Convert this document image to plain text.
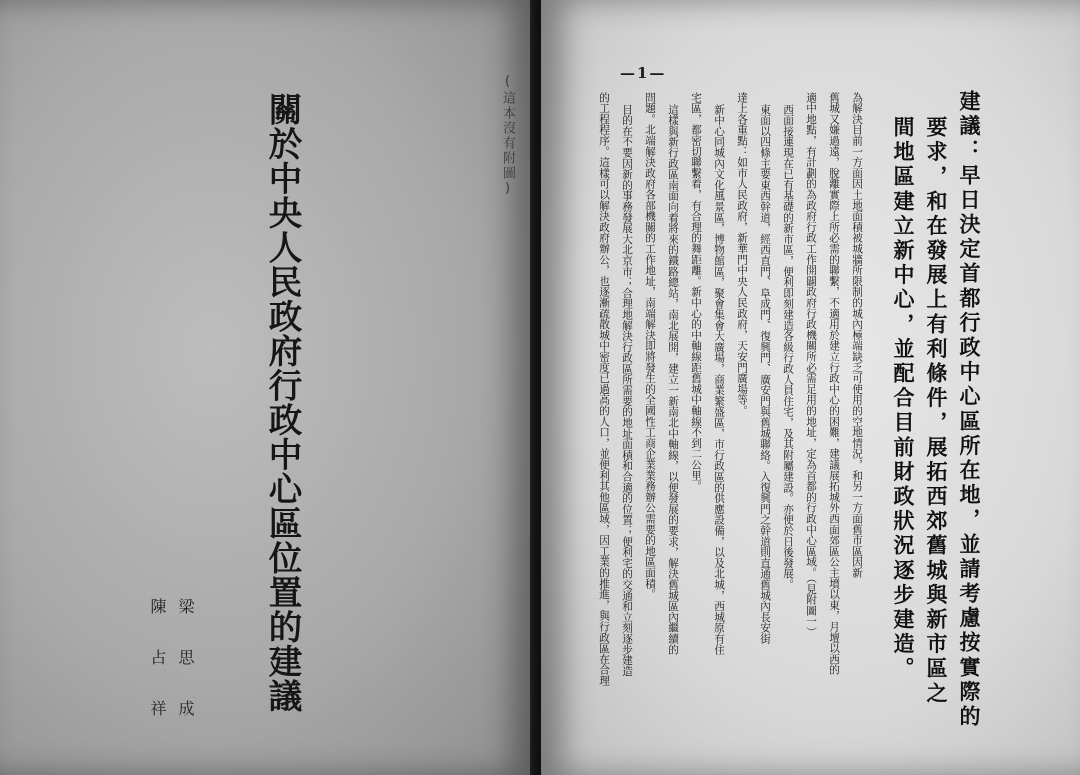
(這本沒有附圖)
關於中央人民政府行政中心區位置的建議
梁 思 成
陳 占 祥
—1—
建議：早日決定首都行政中心區所在地，並請考慮按實際的
要求，和在發展上有利條件，展拓西郊舊城與新市區之
間地區建立新中心，並配合目前財政狀況逐步建造。
為解決目前一方面因土地面積被城牆所限制的城內極端缺乏可使用的空地情況，和另一方面舊市區因新
舊城又嫌過遠，脫離實際上所必需的聯繫，不適用於建立行政中心的困難，建議展拓城外西面郊區公主墳以東，月壇以西的
適中地點，有計劃的為政府行政工作開闢政府行政機關所必需足用的地址，定為首都的行政中心區域。（見附圖一）
西面接連現在已有基礎的新市區，便利即刻建造各級行政人員住宅，及其附屬建設。亦便於日後發展。
東面以四條主要東西幹道，經西直門、阜成門、復興門、廣安門與舊城聯絡。入復興門之幹道則直通舊城內長安街
達上各重點：如市人民政府，新華門中央人民政府，天安門廣場等。
新中心同城內文化風景區，博物館區，聚會集會大廣場，商業繁盛區，市行政區的供應設備，以及北城，西城原有住
宅區，都密切聯繫着，有合理的舞距離。新中心的中軸線距舊城中軸線不到二公里。
這樣與新行政區南面向着將來的鐵路總站，南北展開，建立一新南北中軸線，以便發展的要求，解決舊城區內繼續的
問題。北端解決政府各部機關的工作地址，南端解決即將發生的全國性工商企業業務辦公需要的地區面積。
目的在不要因新的事務發展大北京市；合理地解決行政區所需要的地址面積和合適的位置；便利宅的交通和立刻逐步建造
的工程程序。這樣可以解決政府辦公，也逐漸疏散城中密度已過高的人口，並便利其他區域，因工業的推進，與行政區在合理
